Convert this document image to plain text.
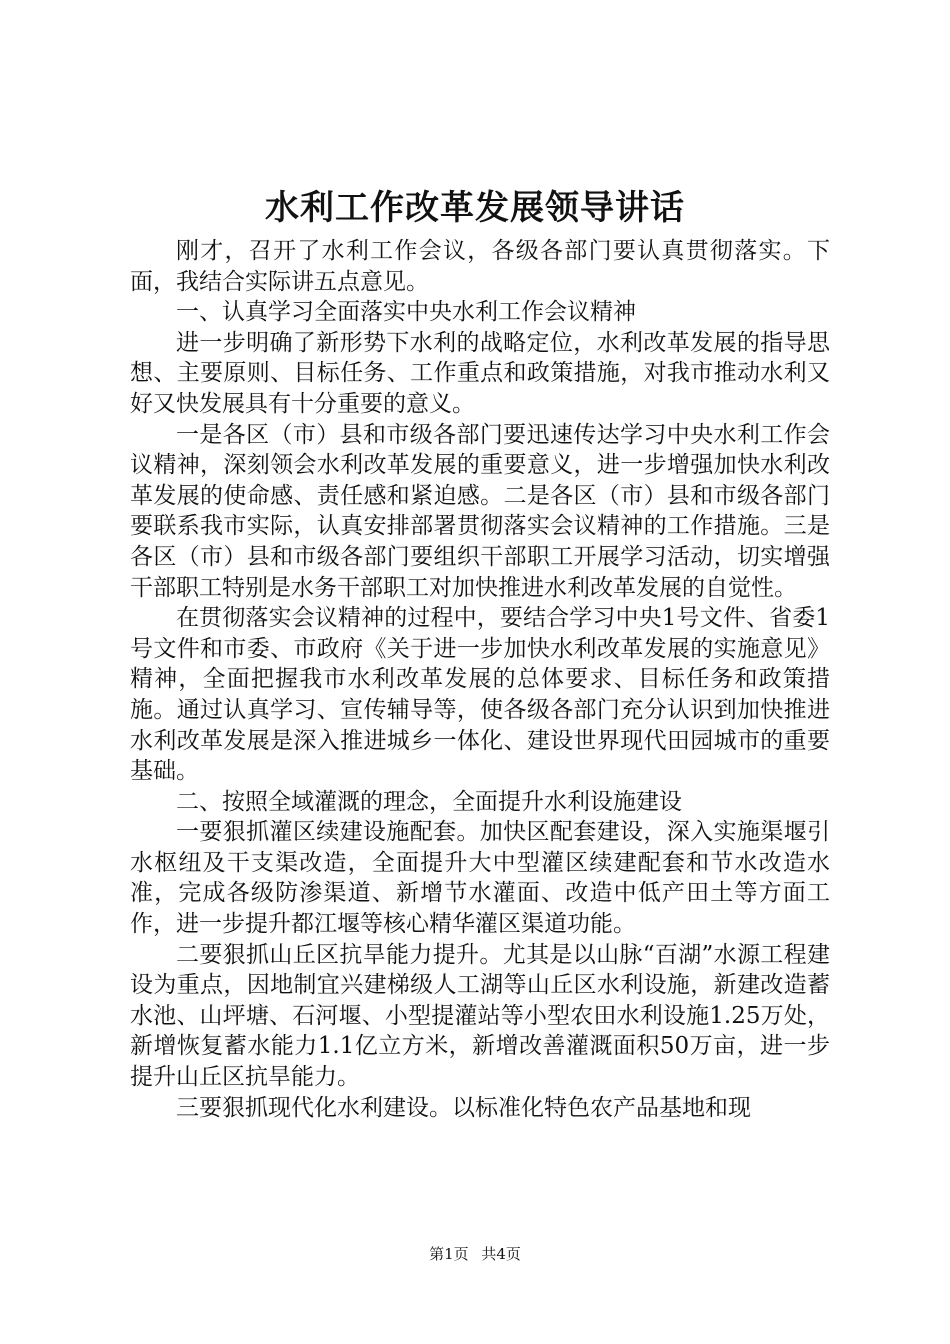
水利工作改革发展领导讲话

刚才，召开了水利工作会议，各级各部门要认真贯彻落实。下面，我结合实际讲五点意见。

一、认真学习全面落实中央水利工作会议精神

进一步明确了新形势下水利的战略定位，水利改革发展的指导思想、主要原则、目标任务、工作重点和政策措施，对我市推动水利又好又快发展具有十分重要的意义。

一是各区（市）县和市级各部门要迅速传达学习中央水利工作会议精神，深刻领会水利改革发展的重要意义，进一步增强加快水利改革发展的使命感、责任感和紧迫感。二是各区（市）县和市级各部门要联系我市实际，认真安排部署贯彻落实会议精神的工作措施。三是各区（市）县和市级各部门要组织干部职工开展学习活动，切实增强干部职工特别是水务干部职工对加快推进水利改革发展的自觉性。

在贯彻落实会议精神的过程中，要结合学习中央1号文件、省委1号文件和市委、市政府《关于进一步加快水利改革发展的实施意见》精神，全面把握我市水利改革发展的总体要求、目标任务和政策措施。通过认真学习、宣传辅导等，使各级各部门充分认识到加快推进水利改革发展是深入推进城乡一体化、建设世界现代田园城市的重要基础。

二、按照全域灌溉的理念，全面提升水利设施建设

一要狠抓灌区续建设施配套。加快区配套建设，深入实施渠堰引水枢纽及干支渠改造，全面提升大中型灌区续建配套和节水改造水准，完成各级防渗渠道、新增节水灌面、改造中低产田土等方面工作，进一步提升都江堰等核心精华灌区渠道功能。

二要狠抓山丘区抗旱能力提升。尤其是以山脉“百湖”水源工程建设为重点，因地制宜兴建梯级人工湖等山丘区水利设施，新建改造蓄水池、山坪塘、石河堰、小型提灌站等小型农田水利设施1.25万处，新增恢复蓄水能力1.1亿立方米，新增改善灌溉面积50万亩，进一步提升山丘区抗旱能力。

三要狠抓现代化水利建设。以标准化特色农产品基地和现

第1页 共4页
